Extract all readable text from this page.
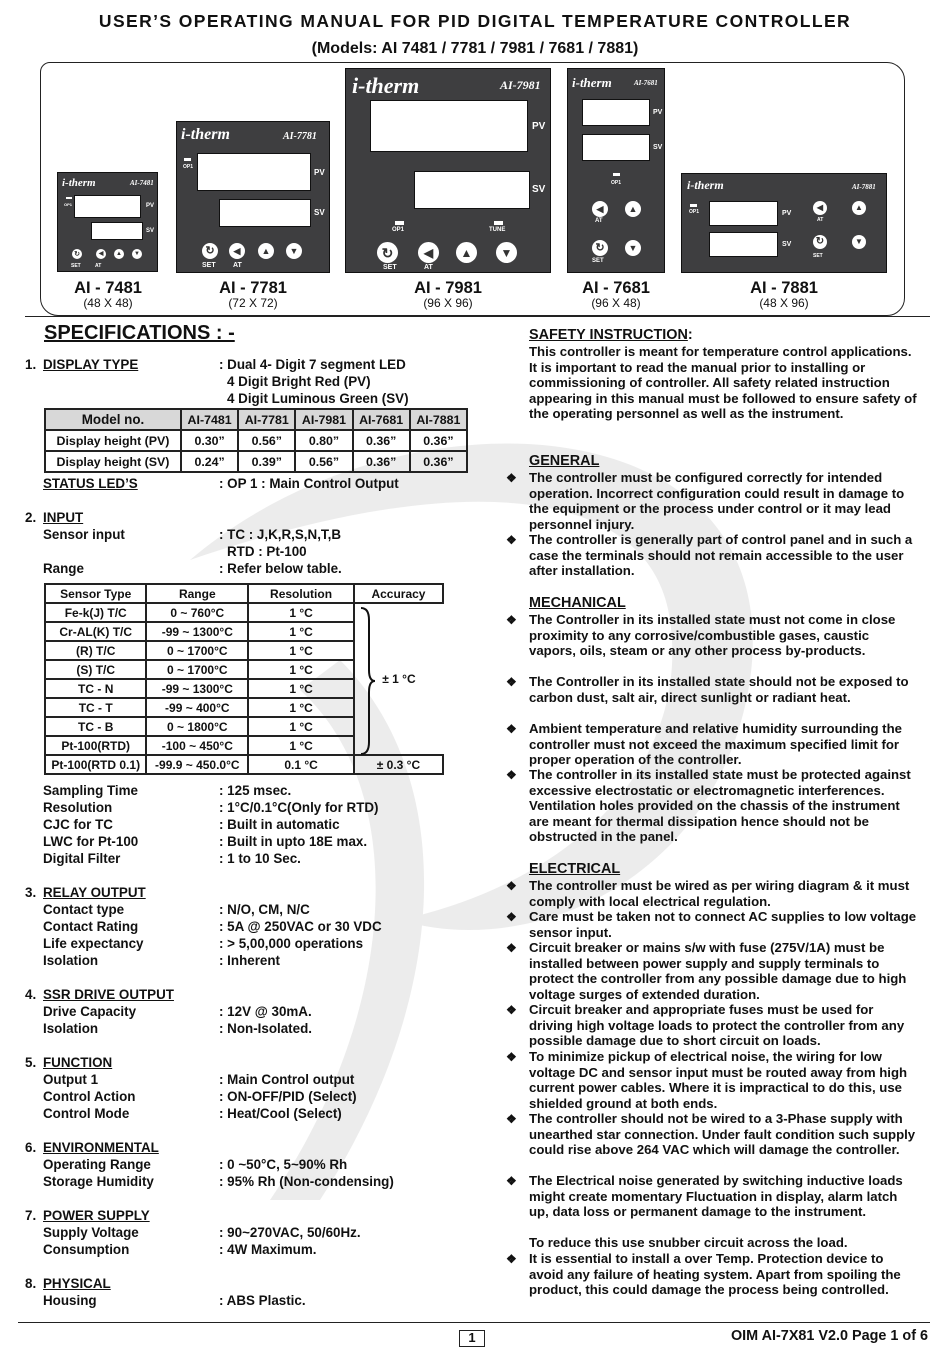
USER’S OPERATING MANUAL FOR PID DIGITAL TEMPERATURE CONTROLLER
(Models: AI 7481 / 7781 / 7981 / 7681 / 7881)
i-therm	AI-7481
OP1	PV
SV
↻	◀	▲	▼
SET	AT
i-therm	AI-7781
OP1
PV
SV
↻	◀	▲	▼
SET AT
i-therm	AI-7981
PV
SV
OP1	TUNE
↻	◀	▲	▼
SET	AT
i-therm	AI-7681
PV
SV
OP1
◀	▲
AT
↻	▼
SET
i-therm	AI-7881
OP1	PV
SV
◀
AT
▲
↻
SET
▼
AI - 7481
(48 X 48)
AI - 7781
(72 X 72)
AI - 7981
(96 X 96)
AI - 7681
(96 X 48)
AI - 7881
(48 X 96)
SPECIFICATIONS : -
1. DISPLAY TYPE	: Dual 4- Digit 7 segment LED
4 Digit Bright Red (PV)
4 Digit Luminous Green (SV)
Model no.	AI-7481	AI-7781	AI-7981	AI-7681	AI-7881
Display height (PV)	0.30”	0.56”	0.80”	0.36”	0.36”
Display height (SV)	0.24”	0.39”	0.56”	0.36”	0.36”
STATUS LED’S	: OP 1 : Main Control Output
2. INPUT
Sensor input	: TC : J,K,R,S,N,T,B
RTD : Pt-100
Range	: Refer below table.
Sensor Type	Range	Resolution	Accuracy
Fe-k(J) T/C	0 ~ 760°C	1 °C	± 1 °C
Cr-AL(K) T/C	-99 ~ 1300°C	1 °C	
(R) T/C	0 ~ 1700°C	1 °C	
(S) T/C	0 ~ 1700°C	1 °C	
TC - N	-99 ~ 1300°C	1 °C	
TC - T	-99 ~ 400°C	1 °C	
TC - B	0 ~ 1800°C	1 °C	
Pt-100(RTD)	-100 ~ 450°C	1 °C	
Pt-100(RTD 0.1)	-99.9 ~ 450.0°C	0.1 °C	± 0.3 °C
Sampling Time	: 125 msec.
Resolution	: 1°C/0.1°C(Only for RTD)
CJC for TC	: Built in automatic
LWC for Pt-100	: Built in upto 18E max.
Digital Filter	: 1 to 10 Sec.
3. RELAY OUTPUT
Contact type	: N/O, CM, N/C
Contact Rating	: 5A @ 250VAC or 30 VDC
Life expectancy	: > 5,00,000 operations
Isolation	: Inherent
4. SSR DRIVE OUTPUT
Drive Capacity	: 12V @ 30mA.
Isolation	: Non-Isolated.
5. FUNCTION
Output 1	: Main Control output
Control Action	: ON-OFF/PID (Select)
Control Mode	: Heat/Cool (Select)
6. ENVIRONMENTAL
Operating Range	: 0 ~50°C, 5~90% Rh
Storage Humidity	: 95% Rh (Non-condensing)
7. POWER SUPPLY
Supply Voltage	: 90~270VAC, 50/60Hz.
Consumption	: 4W Maximum.
8. PHYSICAL
Housing	: ABS Plastic.
SAFETY INSTRUCTION:
This controller is meant for temperature control applications. It is important to read the manual prior to installing or commissioning of controller. All safety related instruction appearing in this manual must be followed to ensure safety of the operating personnel as well as the instrument.
GENERAL
❖ The controller must be configured correctly for intended operation. Incorrect configuration could result in damage to the equipment or the process under control or it may lead personnel injury.
❖ The controller is generally part of control panel and in such a case the terminals should not remain accessible to the user after installation.
MECHANICAL
❖ The Controller in its installed state must not come in close proximity to any corrosive/combustible gases, caustic vapors, oils, steam or any other process by-products.
❖ The Controller in its installed state should not be exposed to carbon dust, salt air, direct sunlight or radiant heat.
❖ Ambient temperature and relative humidity surrounding the controller must not exceed the maximum specified limit for proper operation of the controller.
❖ The controller in its installed state must be protected against excessive electrostatic or electromagnetic interferences. Ventilation holes provided on the chassis of the instrument are meant for thermal dissipation hence should not be obstructed in the panel.
ELECTRICAL
❖ The controller must be wired as per wiring diagram & it must comply with local electrical regulation.
❖ Care must be taken not to connect AC supplies to low voltage sensor input.
❖ Circuit breaker or mains s/w with fuse (275V/1A) must be installed between power supply and supply terminals to protect the controller from any possible damage due to high voltage surges of extended duration.
❖ Circuit breaker and appropriate fuses must be used for driving high voltage loads to protect the controller from any possible damage due to short circuit on loads.
❖ To minimize pickup of electrical noise, the wiring for low voltage DC and sensor input must be routed away from high current power cables. Where it is impractical to do this, use shielded ground at both ends.
❖ The controller should not be wired to a 3-Phase supply with unearthed star connection. Under fault condition such supply could rise above 264 VAC which will damage the controller.
❖ The Electrical noise generated by switching inductive loads might create momentary Fluctuation in display, alarm latch up, data loss or permanent damage to the instrument.
To reduce this use snubber circuit across the load.
❖ It is essential to install a over Temp. Protection device to avoid any failure of heating system. Apart from spoiling the product, this could damage the process being controlled.
1	OIM AI-7X81 V2.0 Page 1 of 6
